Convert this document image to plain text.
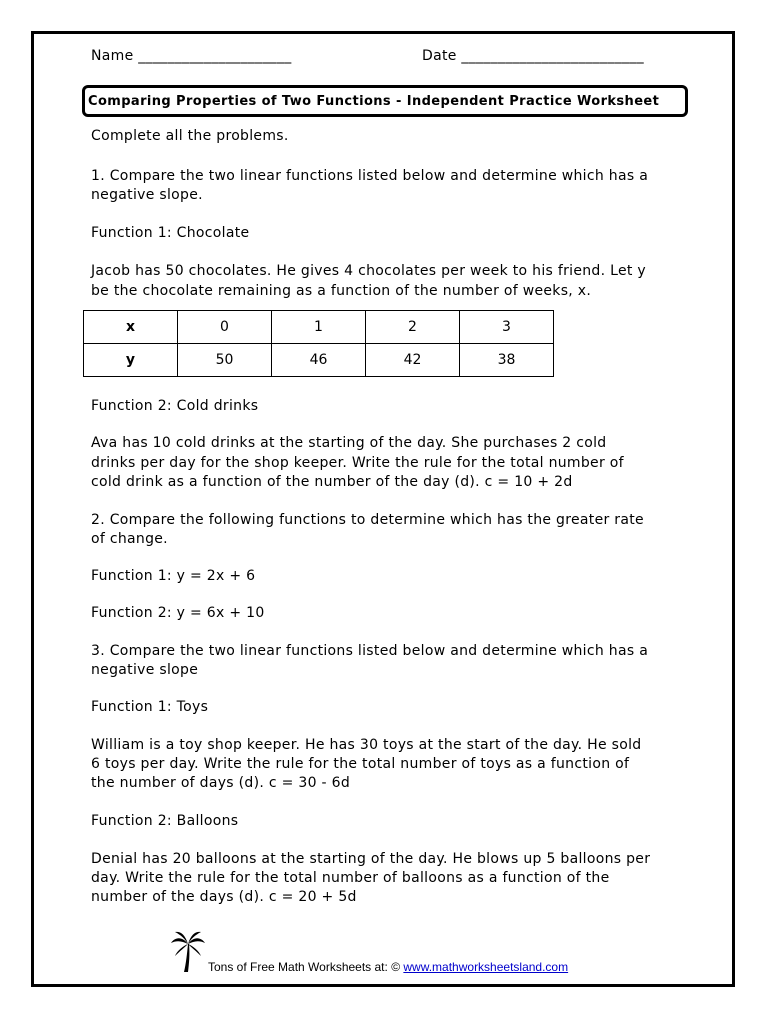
Name _____________________	Date _________________________
Comparing Properties of Two Functions - Independent Practice Worksheet
Complete all the problems.
1. Compare the two linear functions listed below and determine which has a
negative slope.
Function 1: Chocolate
Jacob has 50 chocolates. He gives 4 chocolates per week to his friend. Let y
be the chocolate remaining as a function of the number of weeks, x.
x	0	1	2	3
y	50	46	42	38
Function 2: Cold drinks
Ava has 10 cold drinks at the starting of the day. She purchases 2 cold
drinks per day for the shop keeper. Write the rule for the total number of
cold drink as a function of the number of the day (d). c = 10 + 2d
2. Compare the following functions to determine which has the greater rate
of change.
Function 1: y = 2x + 6
Function 2: y = 6x + 10
3. Compare the two linear functions listed below and determine which has a
negative slope
Function 1: Toys
William is a toy shop keeper. He has 30 toys at the start of the day. He sold
6 toys per day. Write the rule for the total number of toys as a function of
the number of days (d). c = 30 - 6d
Function 2: Balloons
Denial has 20 balloons at the starting of the day. He blows up 5 balloons per
day. Write the rule for the total number of balloons as a function of the
number of the days (d). c = 20 + 5d
Tons of Free Math Worksheets at: © www.mathworksheetsland.com
